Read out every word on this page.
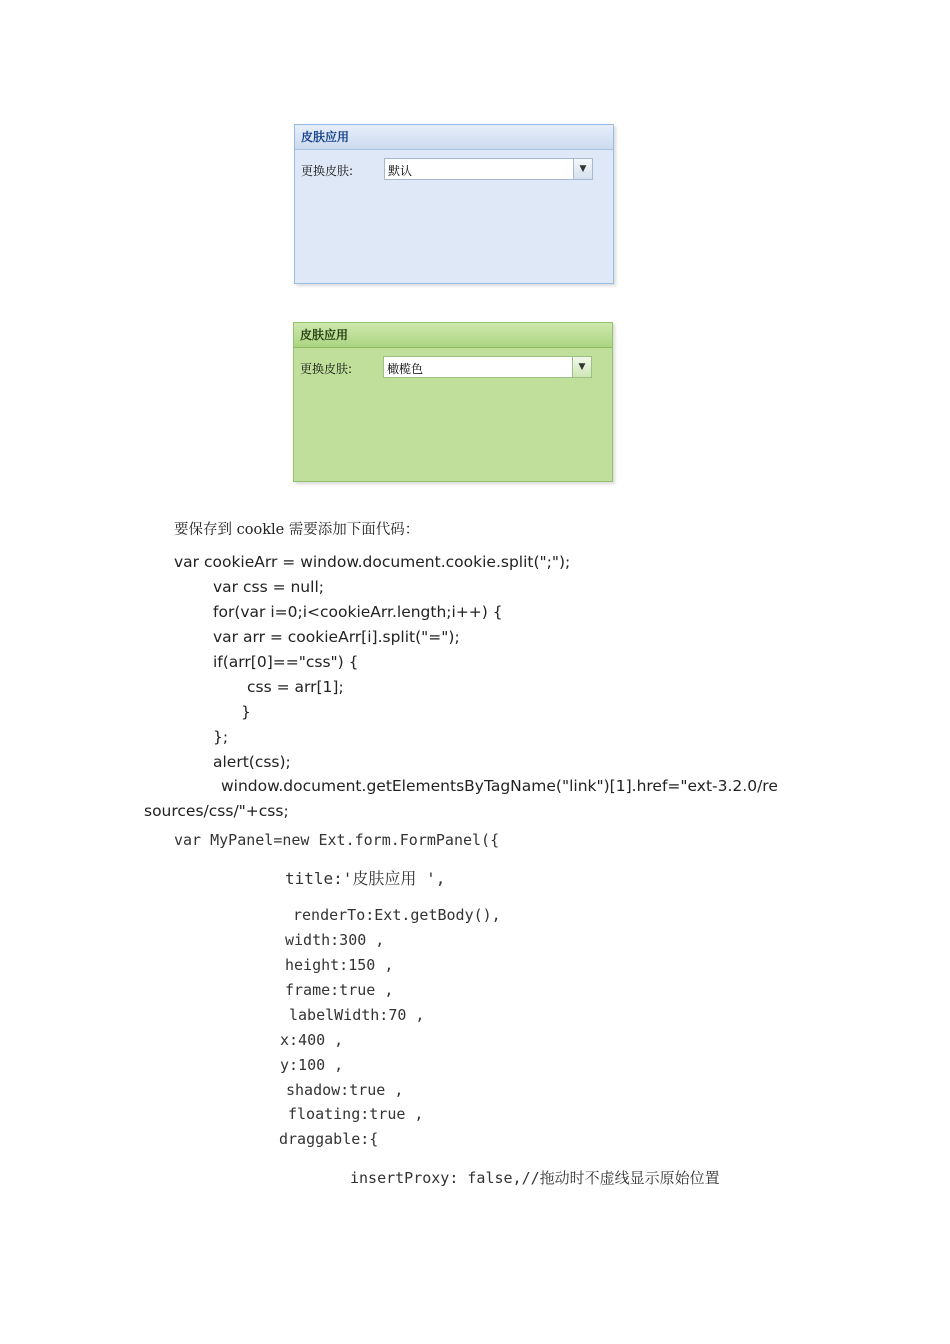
皮肤应用
更换皮肤:	默认	▼
皮肤应用
更换皮肤:	橄榄色	▼
要保存到 cookle 需要添加下面代码：
var cookieArr = window.document.cookie.split(";");
var css = null;
for(var i=0;i<cookieArr.length;i++) {
var arr = cookieArr[i].split("=");
if(arr[0]=="css") {
css = arr[1];
}
};
alert(css);
window.document.getElementsByTagName("link")[1].href="ext-3.2.0/re
sources/css/"+css;
var MyPanel=new Ext.form.FormPanel({
title:'皮肤应用 ',
renderTo:Ext.getBody(),
width:300 ,
height:150 ,
frame:true ,
labelWidth:70 ,
x:400 ,
y:100 ,
shadow:true ,
floating:true ,
draggable:{
insertProxy: false,//拖动时不虚线显示原始位置
